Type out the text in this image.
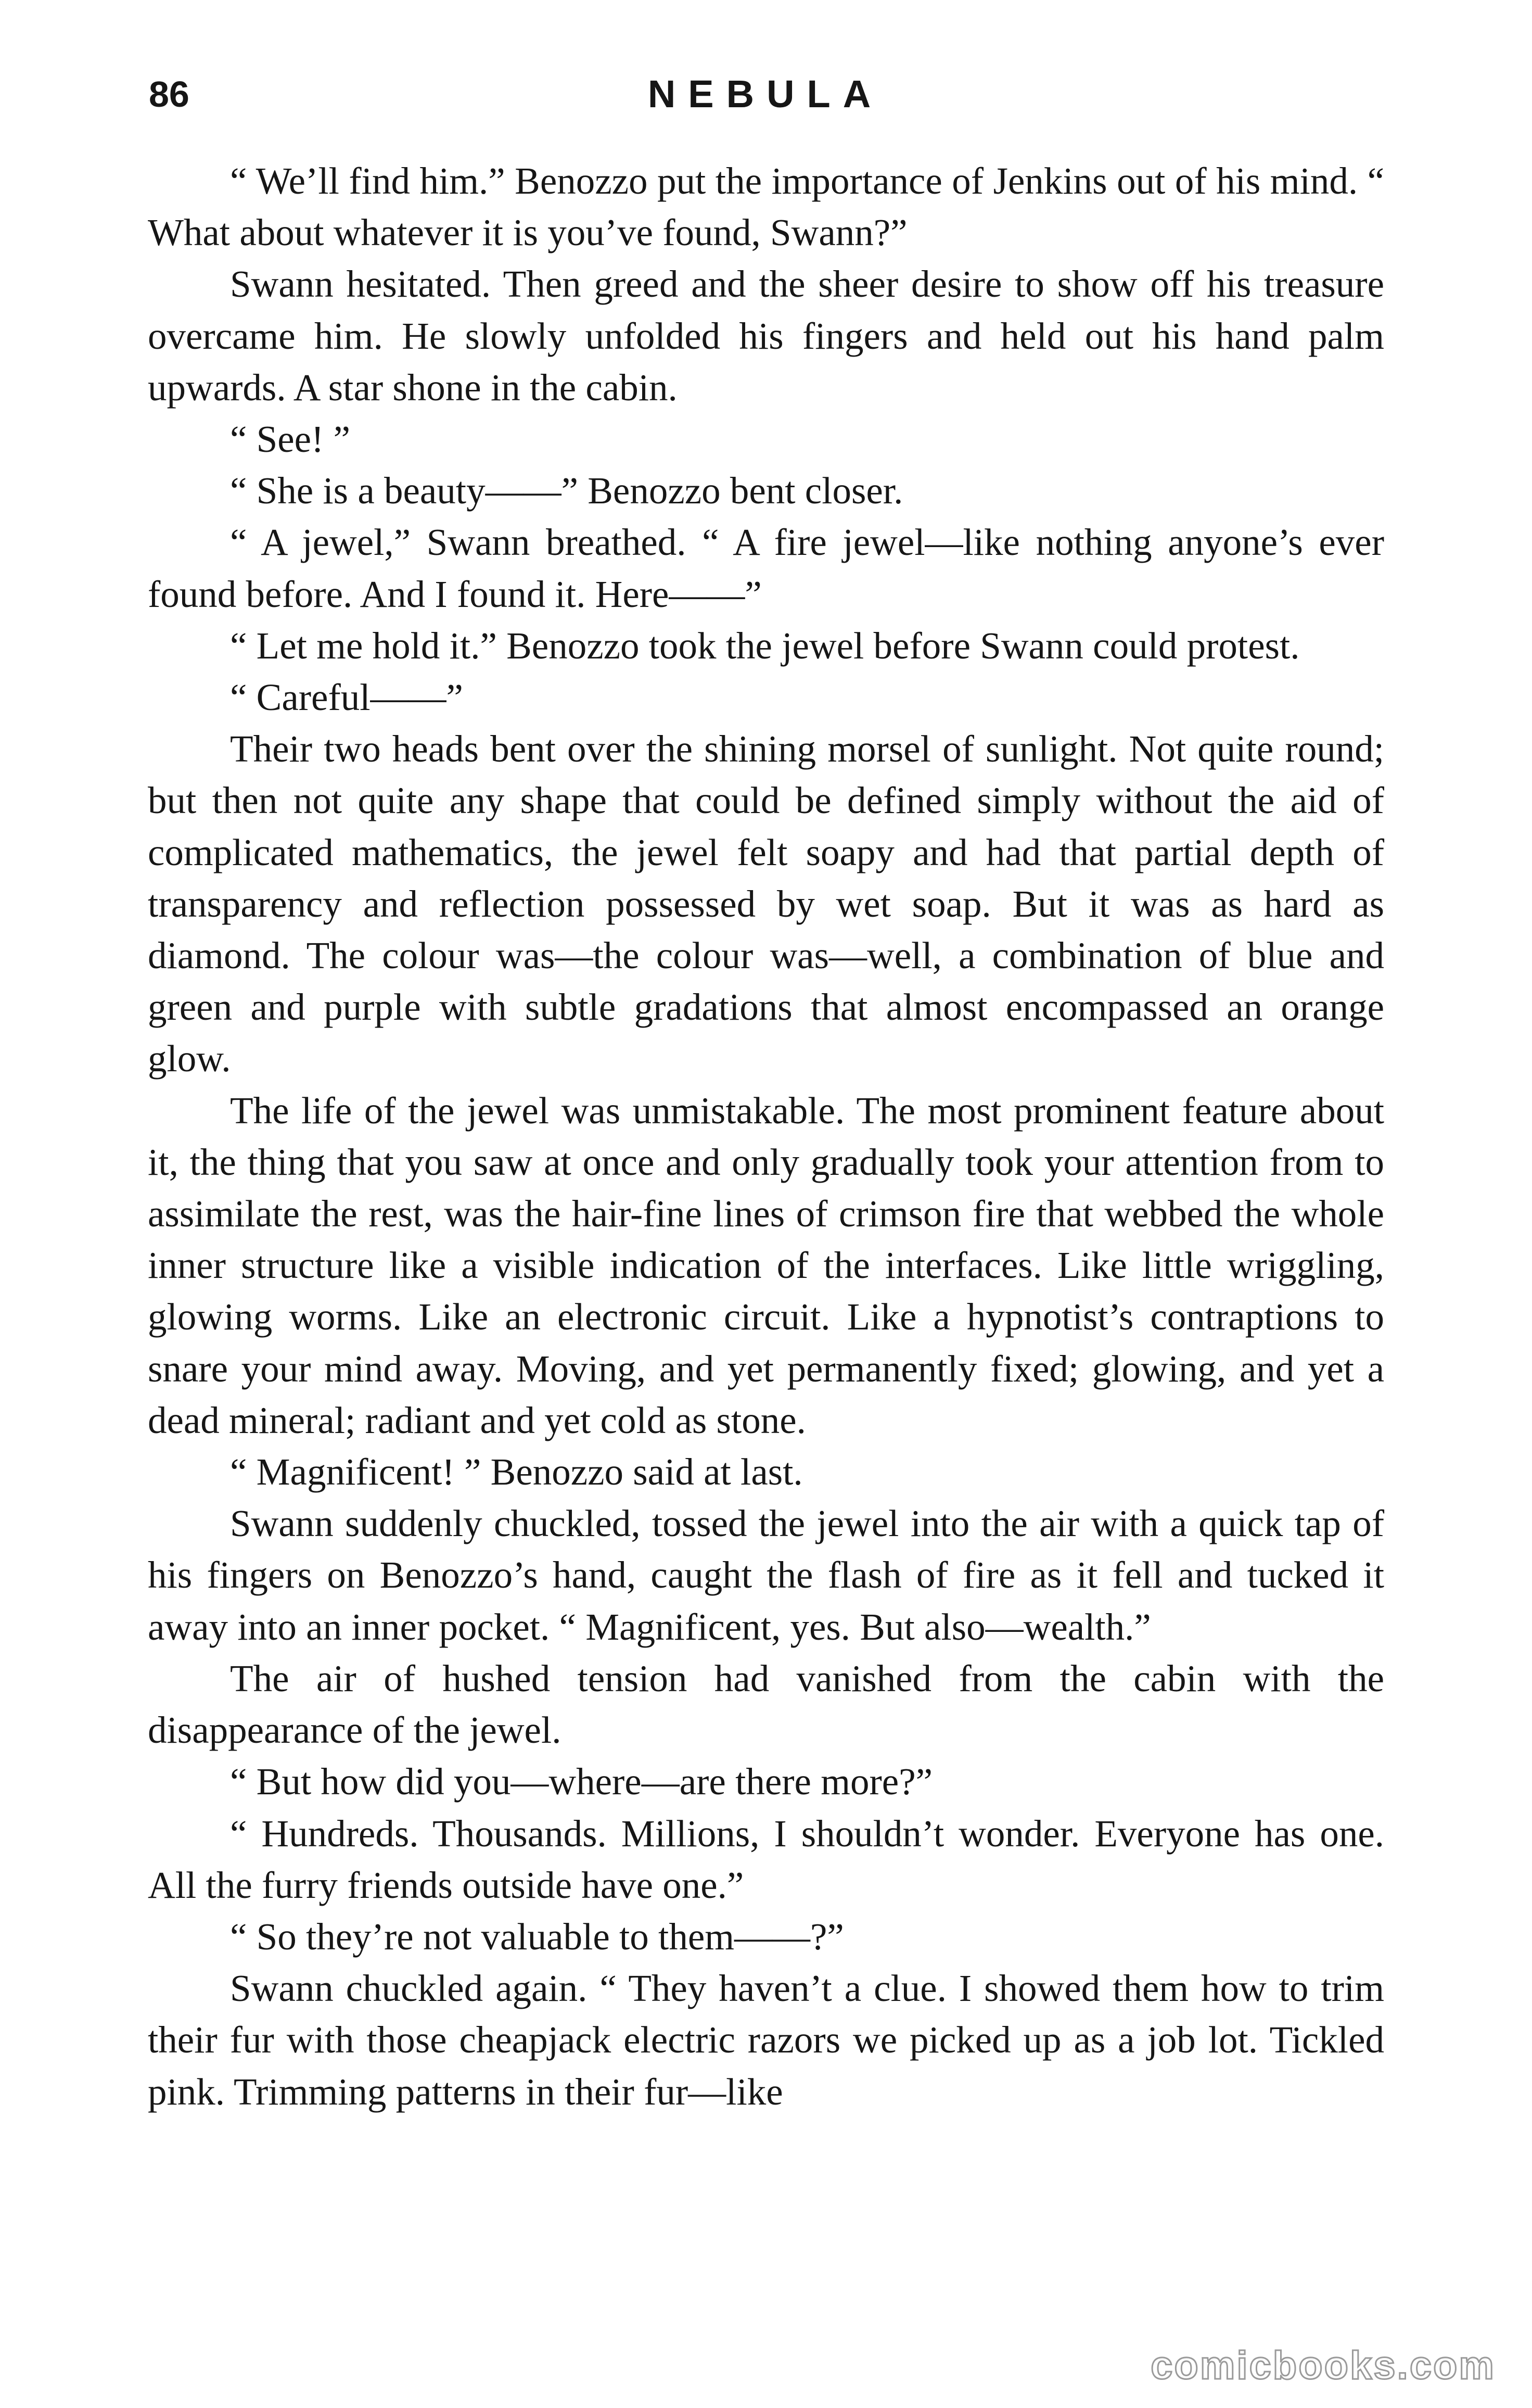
86	NEBULA

“ We’ll find him.” Benozzo put the importance of Jenkins out of his mind. “ What about whatever it is you’ve found, Swann?”

Swann hesitated. Then greed and the sheer desire to show off his treasure overcame him. He slowly unfolded his fingers and held out his hand palm upwards. A star shone in the cabin.

“ See! ”

“ She is a beauty——” Benozzo bent closer.

“ A jewel,” Swann breathed. “ A fire jewel—like nothing anyone’s ever found before. And I found it. Here——”

“ Let me hold it.” Benozzo took the jewel before Swann could protest.

“ Careful——”

Their two heads bent over the shining morsel of sunlight. Not quite round; but then not quite any shape that could be defined simply without the aid of complicated mathematics, the jewel felt soapy and had that partial depth of transparency and reflection possessed by wet soap. But it was as hard as diamond. The colour was—the colour was—well, a combination of blue and green and purple with subtle gradations that almost encompassed an orange glow.

The life of the jewel was unmistakable. The most prominent feature about it, the thing that you saw at once and only gradually took your attention from to assimilate the rest, was the hair-fine lines of crimson fire that webbed the whole inner structure like a visible indication of the interfaces. Like little wriggling, glowing worms. Like an electronic circuit. Like a hypnotist’s contraptions to snare your mind away. Moving, and yet permanently fixed; glowing, and yet a dead mineral; radiant and yet cold as stone.

“ Magnificent! ” Benozzo said at last.

Swann suddenly chuckled, tossed the jewel into the air with a quick tap of his fingers on Benozzo’s hand, caught the flash of fire as it fell and tucked it away into an inner pocket. “ Magnificent, yes. But also—wealth.”

The air of hushed tension had vanished from the cabin with the disappearance of the jewel.

“ But how did you—where—are there more?”

“ Hundreds. Thousands. Millions, I shouldn’t wonder. Everyone has one. All the furry friends outside have one.”

“ So they’re not valuable to them——?”

Swann chuckled again. “ They haven’t a clue. I showed them how to trim their fur with those cheapjack electric razors we picked up as a job lot. Tickled pink. Trimming patterns in their fur—like

comicbooks.com
